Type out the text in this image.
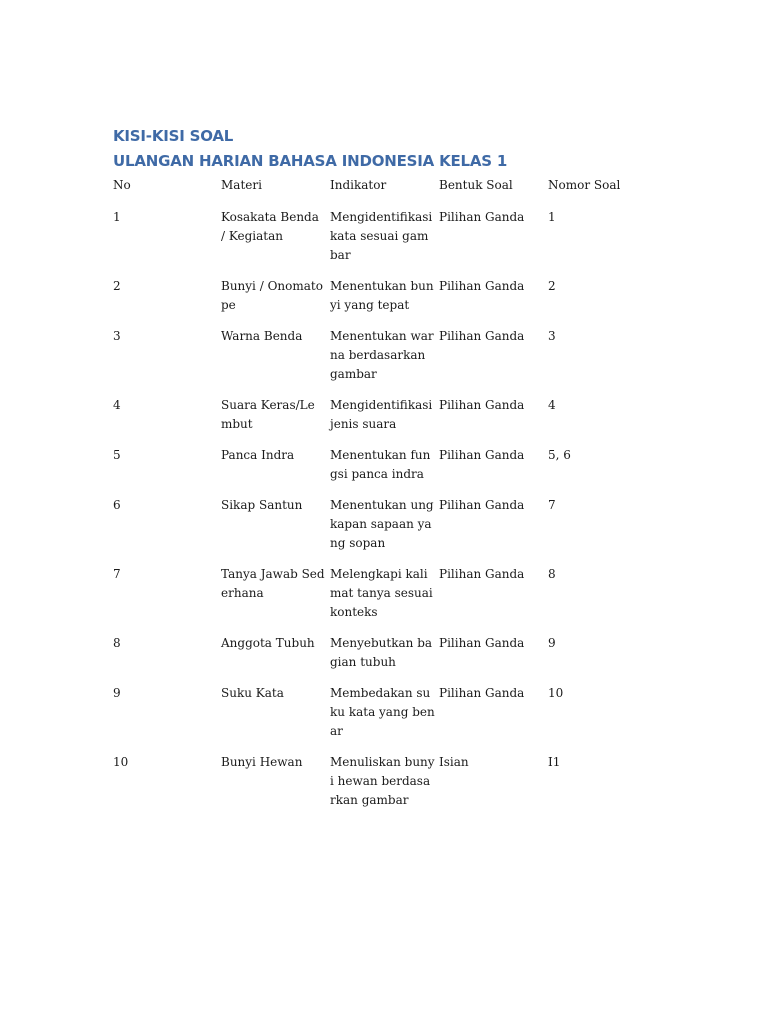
KISI-KISI SOAL
ULANGAN HARIAN BAHASA INDONESIA KELAS 1
No	Materi	Indikator	Bentuk Soal	Nomor Soal
1	Kosakata Benda / Kegiatan	Mengidentifikasi kata sesuai gambar	Pilihan Ganda	1
2	Bunyi / Onomatope	Menentukan bunyi yang tepat	Pilihan Ganda	2
3	Warna Benda	Menentukan warna berdasarkan gambar	Pilihan Ganda	3
4	Suara Keras/Lembut	Mengidentifikasi jenis suara	Pilihan Ganda	4
5	Panca Indra	Menentukan fungsi panca indra	Pilihan Ganda	5, 6
6	Sikap Santun	Menentukan ungkapan sapaan yang sopan	Pilihan Ganda	7
7	Tanya Jawab Sederhana	Melengkapi kalimat tanya sesuai konteks	Pilihan Ganda	8
8	Anggota Tubuh	Menyebutkan bagian tubuh	Pilihan Ganda	9
9	Suku Kata	Membedakan suku kata yang benar	Pilihan Ganda	10
10	Bunyi Hewan	Menuliskan bunyi hewan berdasarkan gambar	Isian	I1
